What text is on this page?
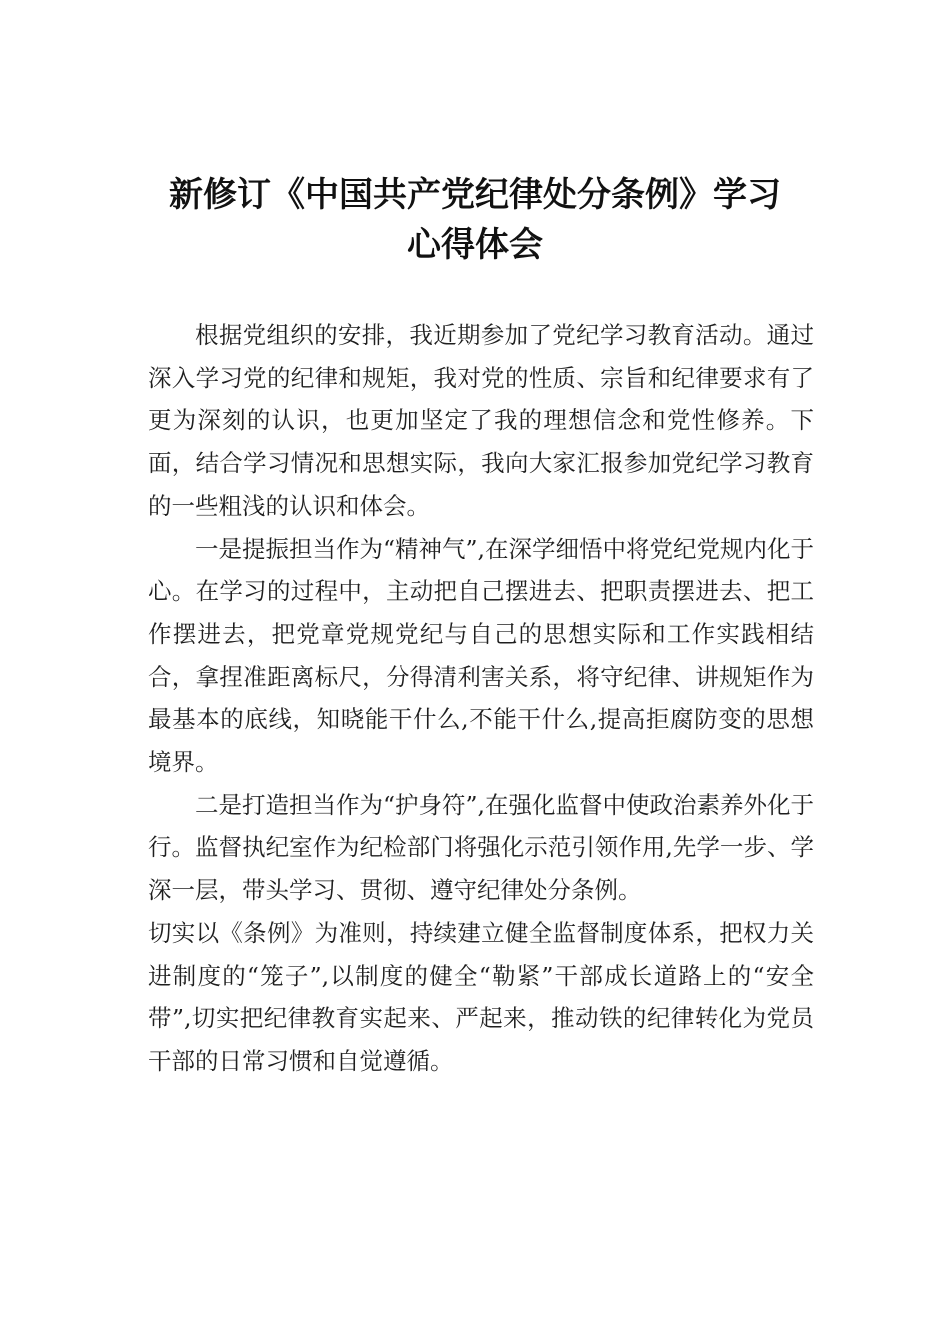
新修订《中国共产党纪律处分条例》学习
心得体会

根据党组织的安排，我近期参加了党纪学习教育活动。通过深入学习党的纪律和规矩，我对党的性质、宗旨和纪律要求有了更为深刻的认识，也更加坚定了我的理想信念和党性修养。下面，结合学习情况和思想实际，我向大家汇报参加党纪学习教育的一些粗浅的认识和体会。

一是提振担当作为“精神气”,在深学细悟中将党纪党规内化于心。在学习的过程中，主动把自己摆进去、把职责摆进去、把工作摆进去，把党章党规党纪与自己的思想实际和工作实践相结合，拿捏准距离标尺，分得清利害关系，将守纪律、讲规矩作为最基本的底线，知晓能干什么,不能干什么,提高拒腐防变的思想境界。

二是打造担当作为“护身符”,在强化监督中使政治素养外化于行。监督执纪室作为纪检部门将强化示范引领作用,先学一步、学深一层，带头学习、贯彻、遵守纪律处分条例。

切实以《条例》为准则，持续建立健全监督制度体系，把权力关进制度的“笼子”,以制度的健全“勒紧”干部成长道路上的“安全带”,切实把纪律教育实起来、严起来，推动铁的纪律转化为党员干部的日常习惯和自觉遵循。
